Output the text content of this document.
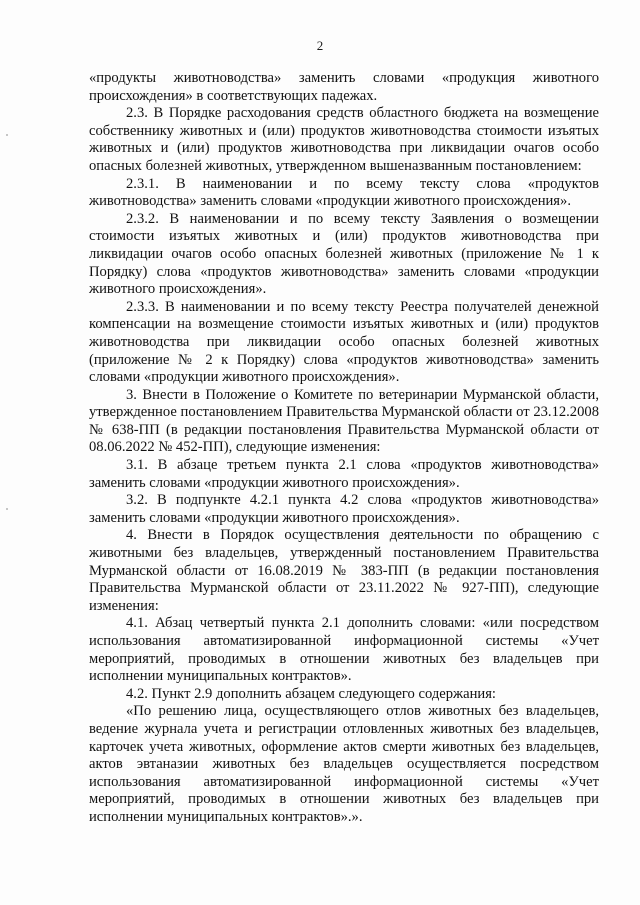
2

«продукты животноводства» заменить словами «продукция животного происхождения» в соответствующих падежах.

2.3. В Порядке расходования средств областного бюджета на возмещение собственнику животных и (или) продуктов животноводства стоимости изъятых животных и (или) продуктов животноводства при ликвидации очагов особо опасных болезней животных, утвержденном вышеназванным постановлением:

2.3.1. В наименовании и по всему тексту слова «продуктов животноводства» заменить словами «продукции животного происхождения».

2.3.2. В наименовании и по всему тексту Заявления о возмещении стоимости изъятых животных и (или) продуктов животноводства при ликвидации очагов особо опасных болезней животных (приложение № 1 к Порядку) слова «продуктов животноводства» заменить словами «продукции животного происхождения».

2.3.3. В наименовании и по всему тексту Реестра получателей денежной компенсации на возмещение стоимости изъятых животных и (или) продуктов животноводства при ликвидации особо опасных болезней животных (приложение № 2 к Порядку) слова «продуктов животноводства» заменить словами «продукции животного происхождения».

3. Внести в Положение о Комитете по ветеринарии Мурманской области, утвержденное постановлением Правительства Мурманской области от 23.12.2008 № 638-ПП (в редакции постановления Правительства Мурманской области от 08.06.2022 № 452-ПП), следующие изменения:

3.1. В абзаце третьем пункта 2.1 слова «продуктов животноводства» заменить словами «продукции животного происхождения».

3.2. В подпункте 4.2.1 пункта 4.2 слова «продуктов животноводства» заменить словами «продукции животного происхождения».

4. Внести в Порядок осуществления деятельности по обращению с животными без владельцев, утвержденный постановлением Правительства Мурманской области от 16.08.2019 № 383-ПП (в редакции постановления Правительства Мурманской области от 23.11.2022 № 927-ПП), следующие изменения:

4.1. Абзац четвертый пункта 2.1 дополнить словами: «или посредством использования автоматизированной информационной системы «Учет мероприятий, проводимых в отношении животных без владельцев при исполнении муниципальных контрактов».

4.2. Пункт 2.9 дополнить абзацем следующего содержания:

«По решению лица, осуществляющего отлов животных без владельцев, ведение журнала учета и регистрации отловленных животных без владельцев, карточек учета животных, оформление актов смерти животных без владельцев, актов эвтаназии животных без владельцев осуществляется посредством использования автоматизированной информационной системы «Учет мероприятий, проводимых в отношении животных без владельцев при исполнении муниципальных контрактов».».
